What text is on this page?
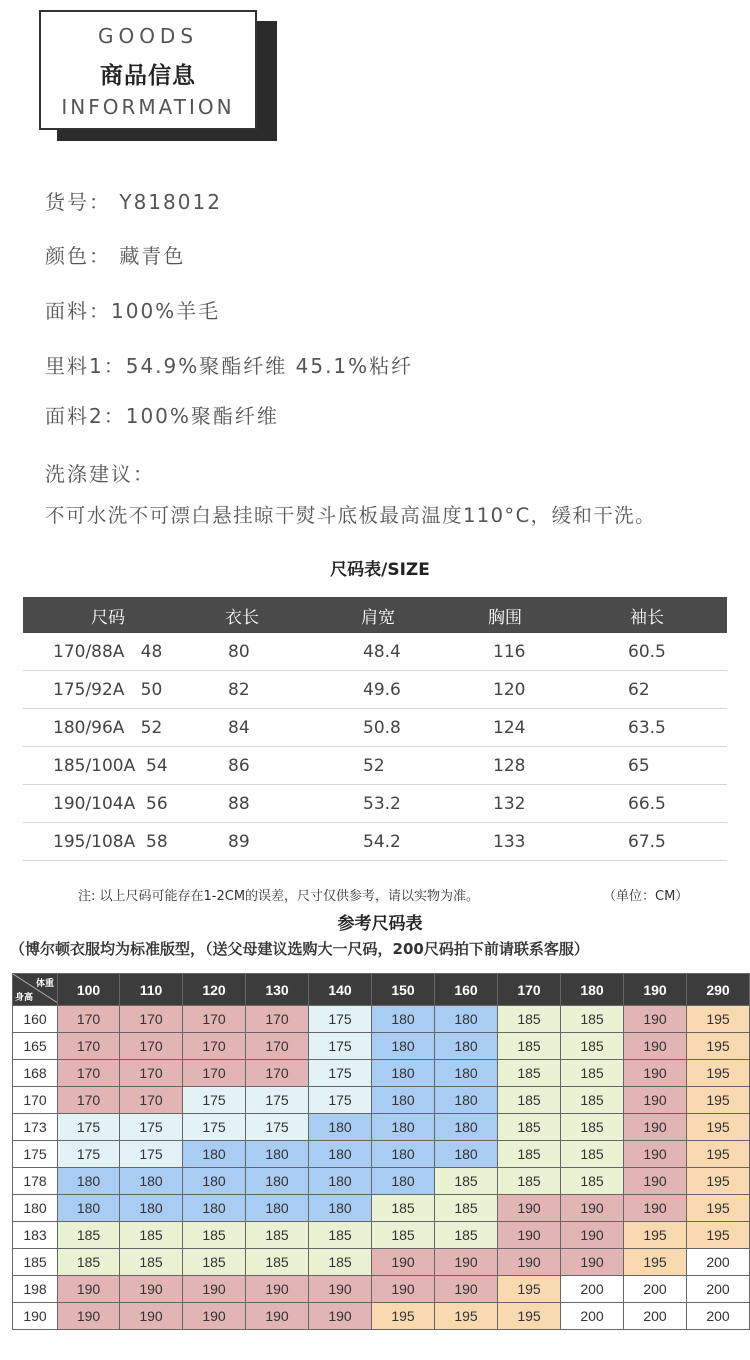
GOODS
商品信息
INFORMATION
货号： Y818012
颜色： 藏青色
面料：100%羊毛
里料1：54.9%聚酯纤维 45.1%粘纤
面料2：100%聚酯纤维
洗涤建议：
不可水洗不可漂白悬挂晾干熨斗底板最高温度110°C，缓和干洗。
尺码表/SIZE
尺码	衣长	肩宽	胸围	袖长
170/88A   48	80	48.4	116	60.5
175/92A   50	82	49.6	120	62
180/96A   52	84	50.8	124	63.5
185/100A  54	86	52	128	65
190/104A  56	88	53.2	132	66.5
195/108A  58	89	54.2	133	67.5
注: 以上尺码可能存在1-2CM的误差，尺寸仅供参考，请以实物为准。	（单位：CM）
参考尺码表
（博尔顿衣服均为标准版型，（送父母建议选购大一尺码，200尺码拍下前请联系客服）
体重
身高	100	110	120	130	140	150	160	170	180	190	290
160	170	170	170	170	175	180	180	185	185	190	195
165	170	170	170	170	175	180	180	185	185	190	195
168	170	170	170	170	175	180	180	185	185	190	195
170	170	170	175	175	175	180	180	185	185	190	195
173	175	175	175	175	180	180	180	185	185	190	195
175	175	175	180	180	180	180	180	185	185	190	195
178	180	180	180	180	180	180	185	185	185	190	195
180	180	180	180	180	180	185	185	190	190	190	195
183	185	185	185	185	185	185	185	190	190	195	195
185	185	185	185	185	185	190	190	190	190	195	200
198	190	190	190	190	190	190	190	195	200	200	200
190	190	190	190	190	190	195	195	195	200	200	200
